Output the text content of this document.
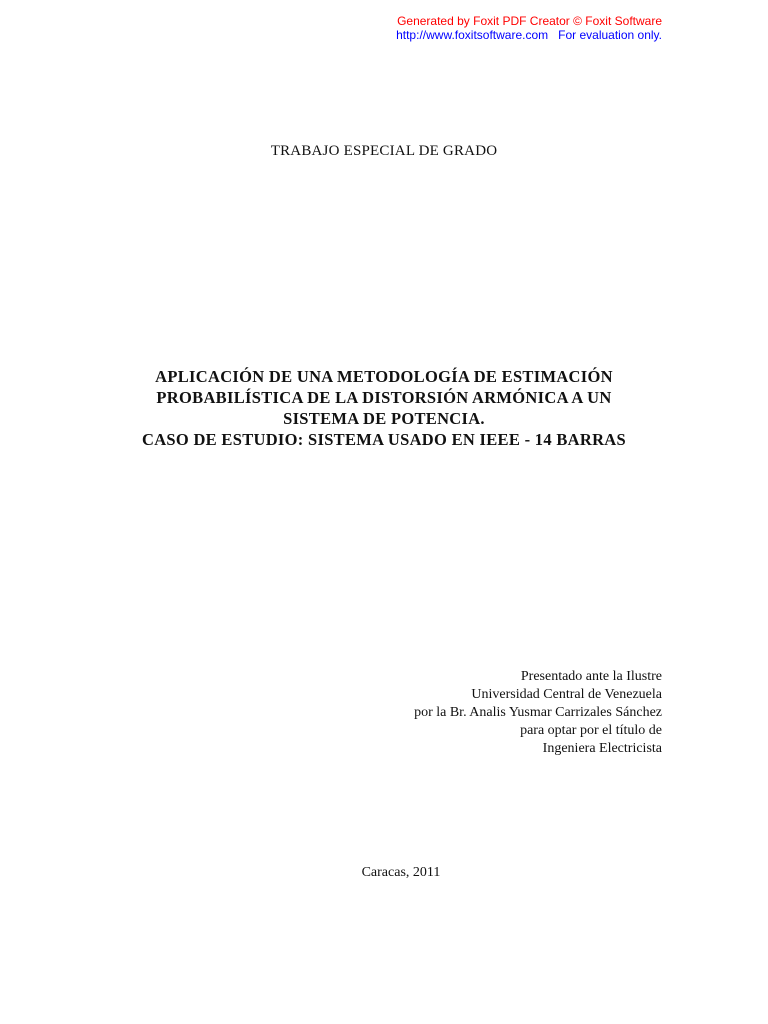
Generated by Foxit PDF Creator © Foxit Software
http://www.foxitsoftware.com For evaluation only.
TRABAJO ESPECIAL DE GRADO
APLICACIÓN DE UNA METODOLOGÍA DE ESTIMACIÓN
PROBABILÍSTICA DE LA DISTORSIÓN ARMÓNICA A UN
SISTEMA DE POTENCIA.
CASO DE ESTUDIO: SISTEMA USADO EN IEEE - 14 BARRAS
Presentado ante la Ilustre
Universidad Central de Venezuela
por la Br. Analis Yusmar Carrizales Sánchez
para optar por el título de
Ingeniera Electricista
Caracas, 2011
